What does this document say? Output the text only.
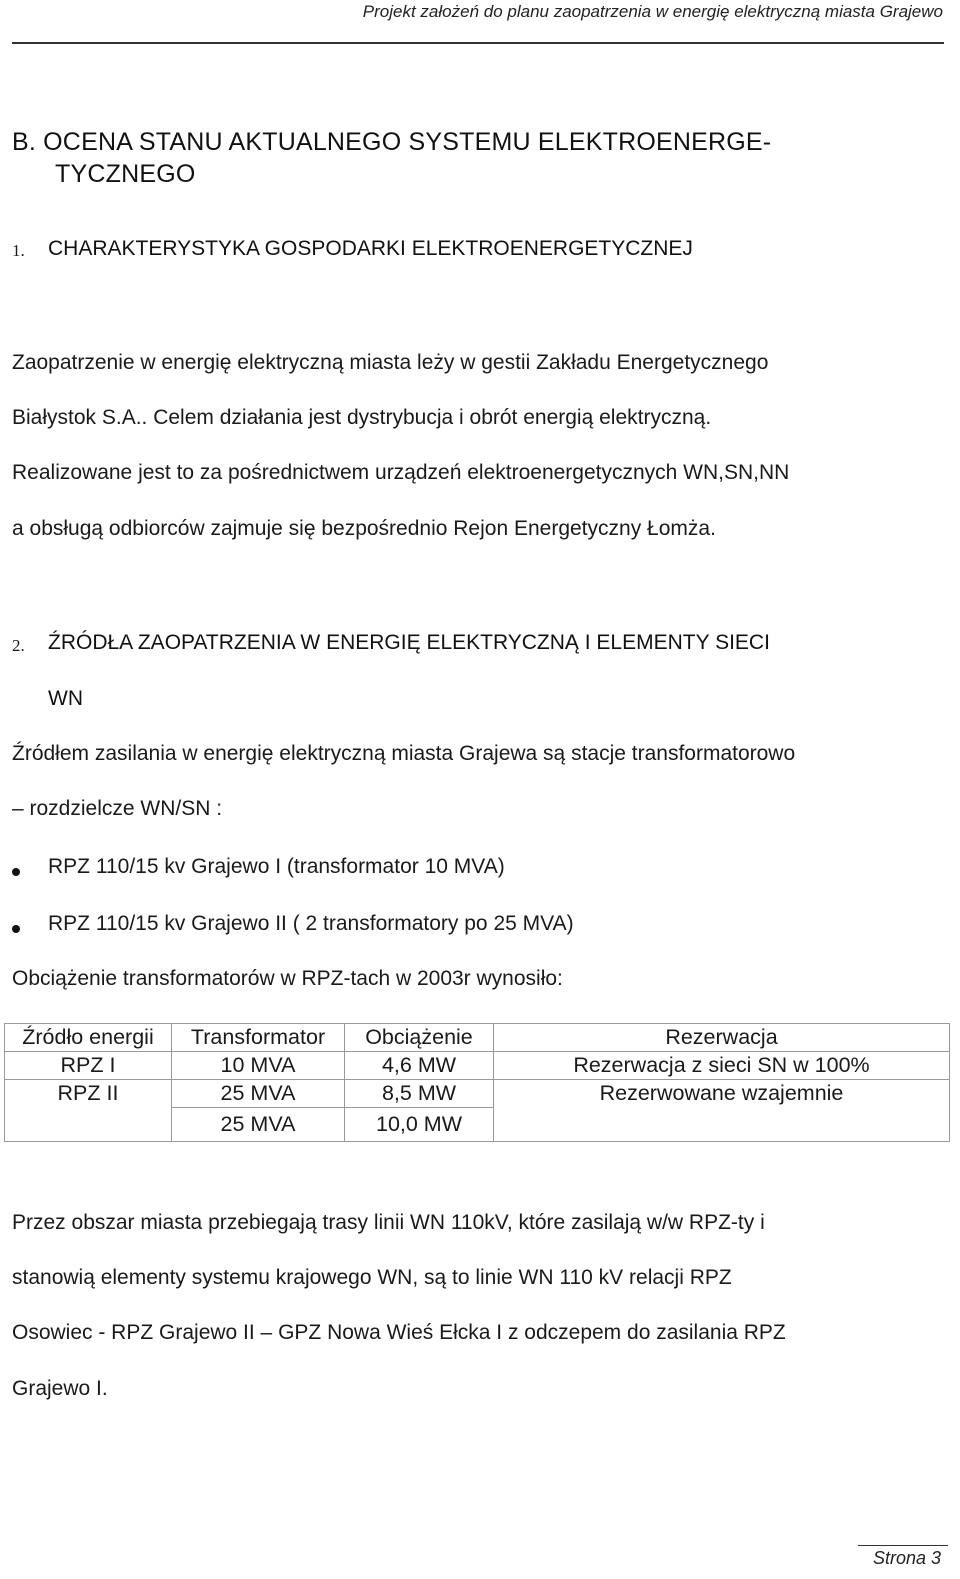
Projekt założeń do planu zaopatrzenia w energię elektryczną miasta Grajewo
B. OCENA STANU AKTUALNEGO SYSTEMU ELEKTROENERGE-
TYCZNEGO
1. CHARAKTERYSTYKA GOSPODARKI ELEKTROENERGETYCZNEJ
Zaopatrzenie w energię elektryczną miasta leży w gestii Zakładu Energetycznego
Białystok S.A.. Celem działania jest dystrybucja i obrót energią elektryczną.
Realizowane jest to za pośrednictwem urządzeń elektroenergetycznych WN,SN,NN
a obsługą odbiorców zajmuje się bezpośrednio Rejon Energetyczny Łomża.
2. ŹRÓDŁA ZAOPATRZENIA W ENERGIĘ ELEKTRYCZNĄ I ELEMENTY SIECI
WN
Źródłem zasilania w energię elektryczną miasta Grajewa są stacje transformatorowo
– rozdzielcze WN/SN :
RPZ 110/15 kv Grajewo I (transformator 10 MVA)
RPZ 110/15 kv Grajewo II ( 2 transformatory po 25 MVA)
Obciążenie transformatorów w RPZ-tach w 2003r wynosiło:
Źródło energii	Transformator	Obciążenie	Rezerwacja
RPZ I	10 MVA	4,6 MW	Rezerwacja z sieci SN w 100%
RPZ II	25 MVA	8,5 MW	Rezerwowane wzajemnie
	25 MVA	10,0 MW	
Przez obszar miasta przebiegają trasy linii WN 110kV, które zasilają w/w RPZ-ty i
stanowią elementy systemu krajowego WN, są to linie WN 110 kV relacji RPZ
Osowiec - RPZ Grajewo II – GPZ Nowa Wieś Ełcka I z odczepem do zasilania RPZ
Grajewo I.
Strona 3
